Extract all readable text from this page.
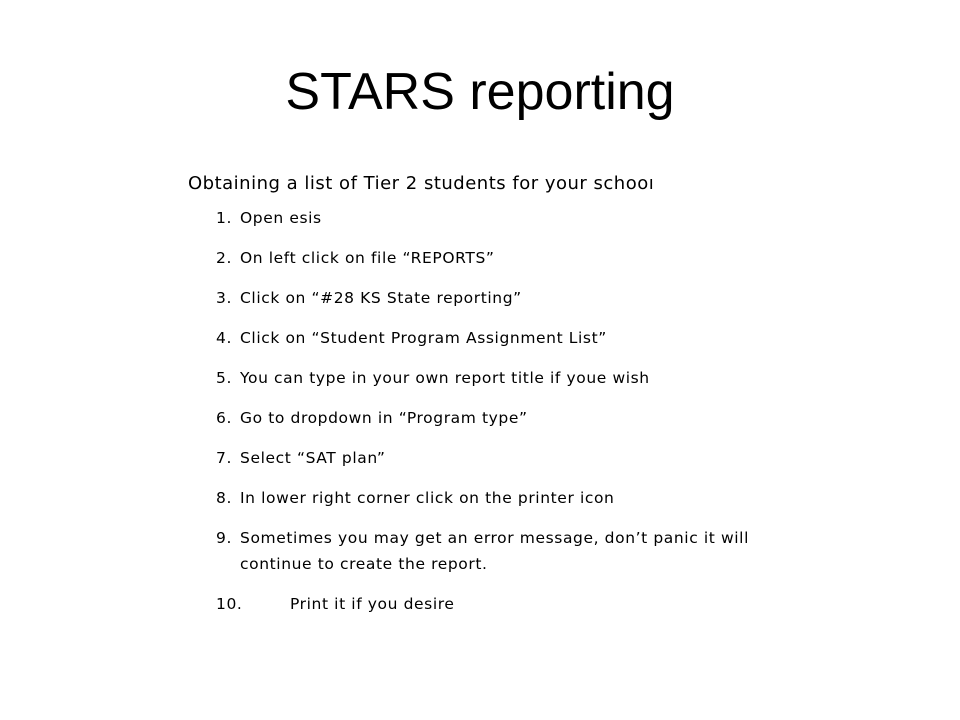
STARS reporting
Obtaining a list of Tier 2 students for your schooı
1. Open esis
2. On left click on file “REPORTS”
3. Click on “#28 KS State reporting”
4. Click on “Student Program Assignment List”
5. You can type in your own report title if youe wish
6. Go to dropdown in “Program type”
7. Select “SAT plan”
8. In lower right corner click on the printer icon
9. Sometimes you may get an error message, don’t panic it will continue to create the report.
10.	Print it if you desire
